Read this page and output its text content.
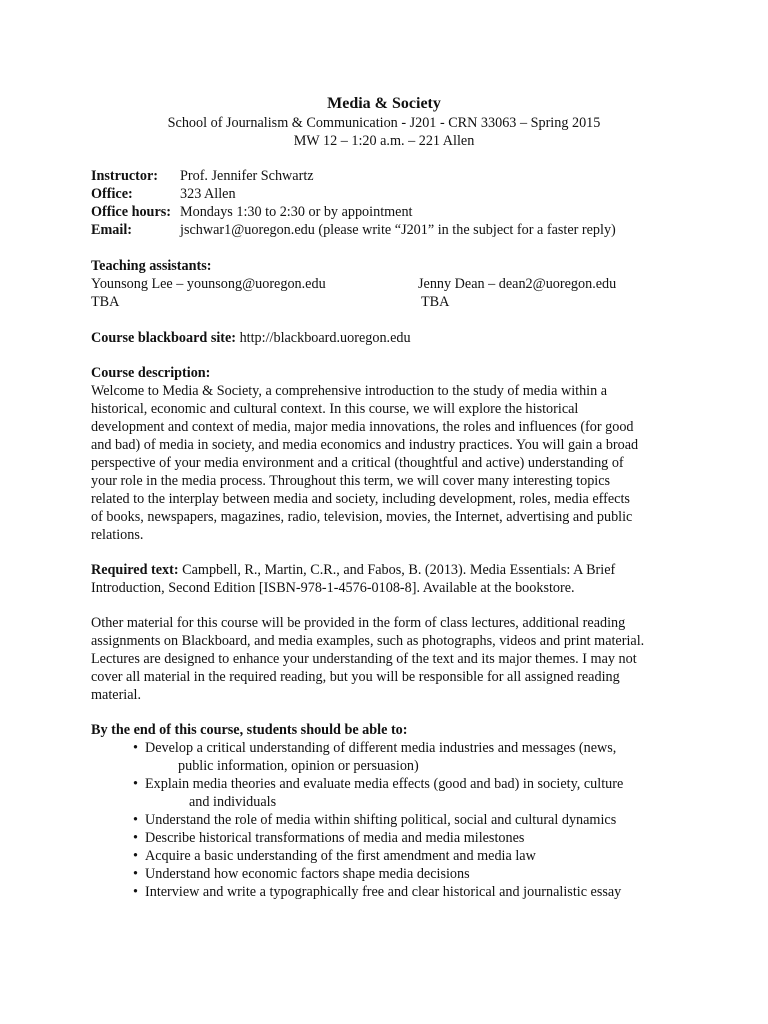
Media & Society
School of Journalism & Communication - J201 - CRN 33063 – Spring 2015
MW 12 – 1:20 a.m. – 221 Allen
Instructor: Prof. Jennifer Schwartz
Office:	323 Allen
Office hours: Mondays 1:30 to 2:30 or by appointment
Email:	jschwar1@uoregon.edu (please write “J201” in the subject for a faster reply)
Teaching assistants:
Younsong Lee – younsong@uoregon.edu
TBA
Jenny Dean – dean2@uoregon.edu
TBA
Course blackboard site: http://blackboard.uoregon.edu
Course description:
Welcome to Media & Society, a comprehensive introduction to the study of media within a
historical, economic and cultural context. In this course, we will explore the historical
development and context of media, major media innovations, the roles and influences (for good
and bad) of media in society, and media economics and industry practices. You will gain a broad
perspective of your media environment and a critical (thoughtful and active) understanding of
your role in the media process. Throughout this term, we will cover many interesting topics
related to the interplay between media and society, including development, roles, media effects
of books, newspapers, magazines, radio, television, movies, the Internet, advertising and public
relations.
Required text: Campbell, R., Martin, C.R., and Fabos, B. (2013). Media Essentials: A Brief
Introduction, Second Edition [ISBN-978-1-4576-0108-8]. Available at the bookstore.
Other material for this course will be provided in the form of class lectures, additional reading
assignments on Blackboard, and media examples, such as photographs, videos and print material.
Lectures are designed to enhance your understanding of the text and its major themes. I may not
cover all material in the required reading, but you will be responsible for all assigned reading
material.
By the end of this course, students should be able to:
• Develop a critical understanding of different media industries and messages (news,
public information, opinion or persuasion)
• Explain media theories and evaluate media effects (good and bad) in society, culture
and individuals
• Understand the role of media within shifting political, social and cultural dynamics
• Describe historical transformations of media and media milestones
• Acquire a basic understanding of the first amendment and media law
• Understand how economic factors shape media decisions
• Interview and write a typographically free and clear historical and journalistic essay
